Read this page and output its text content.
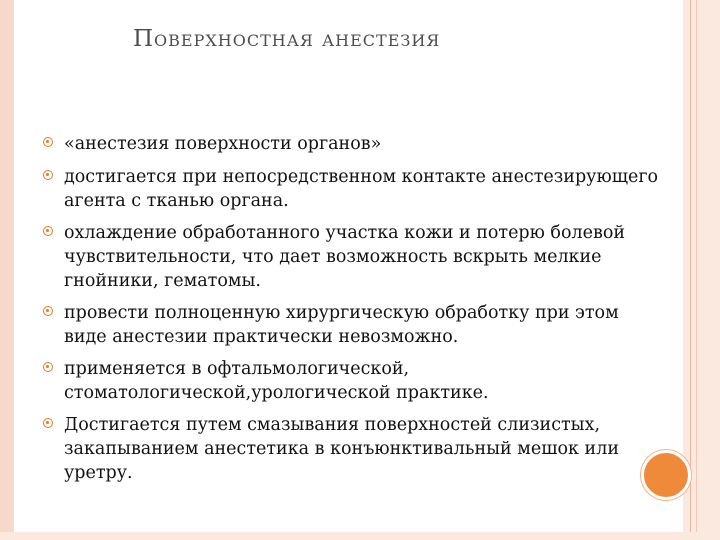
Поверхностная анестезия
«анестезия поверхности органов»
достигается при непосредственном контакте анестезирующего агента с тканью органа.
охлаждение обработанного участка кожи и потерю болевой чувствительности, что дает возможность вскрыть мелкие гнойники, гематомы.
провести полноценную хирургическую обработку при этом виде анестезии практически невозможно.
применяется в офтальмологической, стоматологической,урологической практике.
Достигается путем смазывания поверхностей слизистых, закапыванием анестетика в конъюнктивальный мешок или уретру.
